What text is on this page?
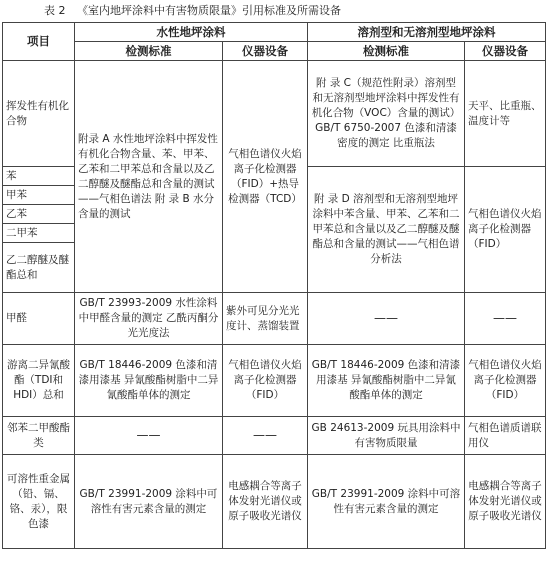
表 2 《室内地坪涂料中有害物质限量》引用标准及所需设备
项目	水性地坪涂料		溶剂型和无溶剂型地坪涂料	
	检测标准	仪器设备	检测标准	仪器设备
挥发性有机化合物	附录 A 水性地坪涂料中挥发性有机化合物含量、苯、甲苯、乙苯和二甲苯总和含量以及乙二醇醚及醚酯总和含量的测试——气相色谱法 附 录 B 水分含量的测试	气相色谱仪火焰离子化检测器（FID）+热导检测器（TCD）	附 录 C（规范性附录）溶剂型和无溶剂型地坪涂料中挥发性有机化合物（VOC）含量的测试）GB/T 6750-2007 色漆和清漆 密度的测定 比重瓶法	天平、比重瓶、温度计等
苯			附 录 D 溶剂型和无溶剂型地坪涂料中苯含量、甲苯、乙苯和二甲苯总和含量以及乙二醇醚及醚酯总和含量的测试——气相色谱分析法	气相色谱仪火焰离子化检测器（FID）
甲苯				
乙苯				
二甲苯				
乙二醇醚及醚酯总和				
甲醛	GB/T 23993-2009 水性涂料中甲醛含量的测定 乙酰丙酮分光光度法	紫外可见分光光度计、蒸馏装置	——	——
游离二异氰酸酯（TDI和HDI）总和	GB/T 18446-2009 色漆和清漆用漆基 异氰酸酯树脂中二异氰酸酯单体的测定	气相色谱仪火焰离子化检测器（FID）	GB/T 18446-2009 色漆和清漆用漆基 异氰酸酯树脂中二异氰酸酯单体的测定	气相色谱仪火焰离子化检测器（FID）
邻苯二甲酸酯类	——	——	GB 24613-2009 玩具用涂料中有害物质限量	气相色谱质谱联用仪
可溶性重金属（铅、镉、铬、汞），限色漆	GB/T 23991-2009 涂料中可溶性有害元素含量的测定	电感耦合等离子体发射光谱仪或原子吸收光谱仪	GB/T 23991-2009 涂料中可溶性有害元素含量的测定	电感耦合等离子体发射光谱仪或原子吸收光谱仪
